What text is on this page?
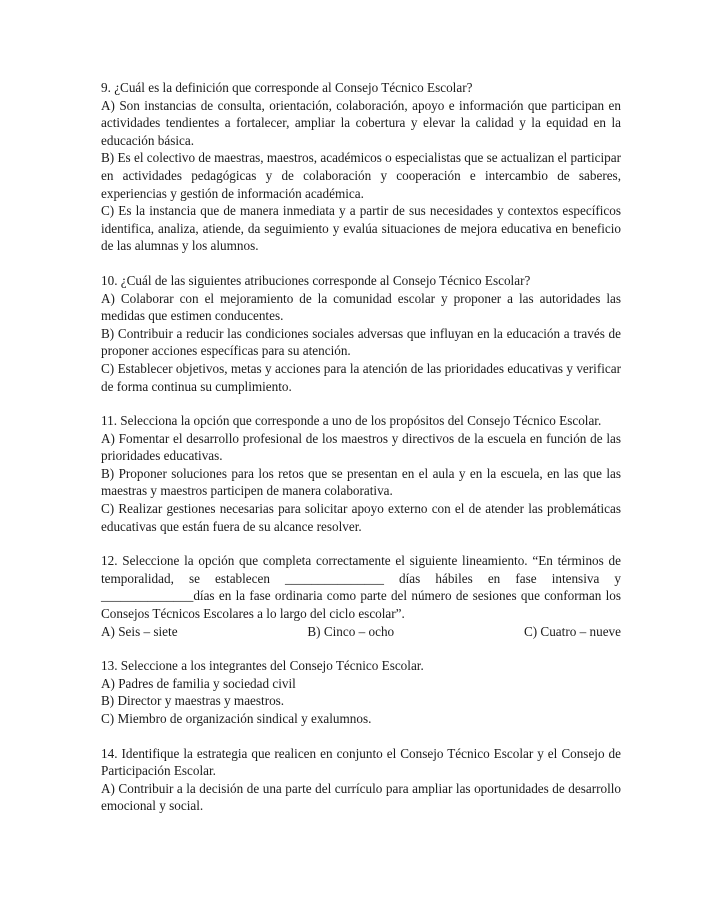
9. ¿Cuál es la definición que corresponde al Consejo Técnico Escolar?

A) Son instancias de consulta, orientación, colaboración, apoyo e información que participan en actividades tendientes a fortalecer, ampliar la cobertura y elevar la calidad y la equidad en la educación básica.

B) Es el colectivo de maestras, maestros, académicos o especialistas que se actualizan el participar en actividades pedagógicas y de colaboración y cooperación e intercambio de saberes, experiencias y gestión de información académica.

C) Es la instancia que de manera inmediata y a partir de sus necesidades y contextos específicos identifica, analiza, atiende, da seguimiento y evalúa situaciones de mejora educativa en beneficio de las alumnas y los alumnos.

10. ¿Cuál de las siguientes atribuciones corresponde al Consejo Técnico Escolar?

A) Colaborar con el mejoramiento de la comunidad escolar y proponer a las autoridades las medidas que estimen conducentes.

B) Contribuir a reducir las condiciones sociales adversas que influyan en la educación a través de proponer acciones específicas para su atención.

C) Establecer objetivos, metas y acciones para la atención de las prioridades educativas y verificar de forma continua su cumplimiento.

11. Selecciona la opción que corresponde a uno de los propósitos del Consejo Técnico Escolar.

A) Fomentar el desarrollo profesional de los maestros y directivos de la escuela en función de las prioridades educativas.

B) Proponer soluciones para los retos que se presentan en el aula y en la escuela, en las que las maestras y maestros participen de manera colaborativa.

C) Realizar gestiones necesarias para solicitar apoyo externo con el de atender las problemáticas educativas que están fuera de su alcance resolver.

12. Seleccione la opción que completa correctamente el siguiente lineamiento. “En términos de temporalidad, se establecen _______________ días hábiles en fase intensiva y ______________días en la fase ordinaria como parte del número de sesiones que conforman los Consejos Técnicos Escolares a lo largo del ciclo escolar”.

A) Seis – siete	B) Cinco – ocho	C) Cuatro – nueve

13. Seleccione a los integrantes del Consejo Técnico Escolar.

A) Padres de familia y sociedad civil

B) Director y maestras y maestros.

C) Miembro de organización sindical y exalumnos.

14. Identifique la estrategia que realicen en conjunto el Consejo Técnico Escolar y el Consejo de Participación Escolar.

A) Contribuir a la decisión de una parte del currículo para ampliar las oportunidades de desarrollo emocional y social.
